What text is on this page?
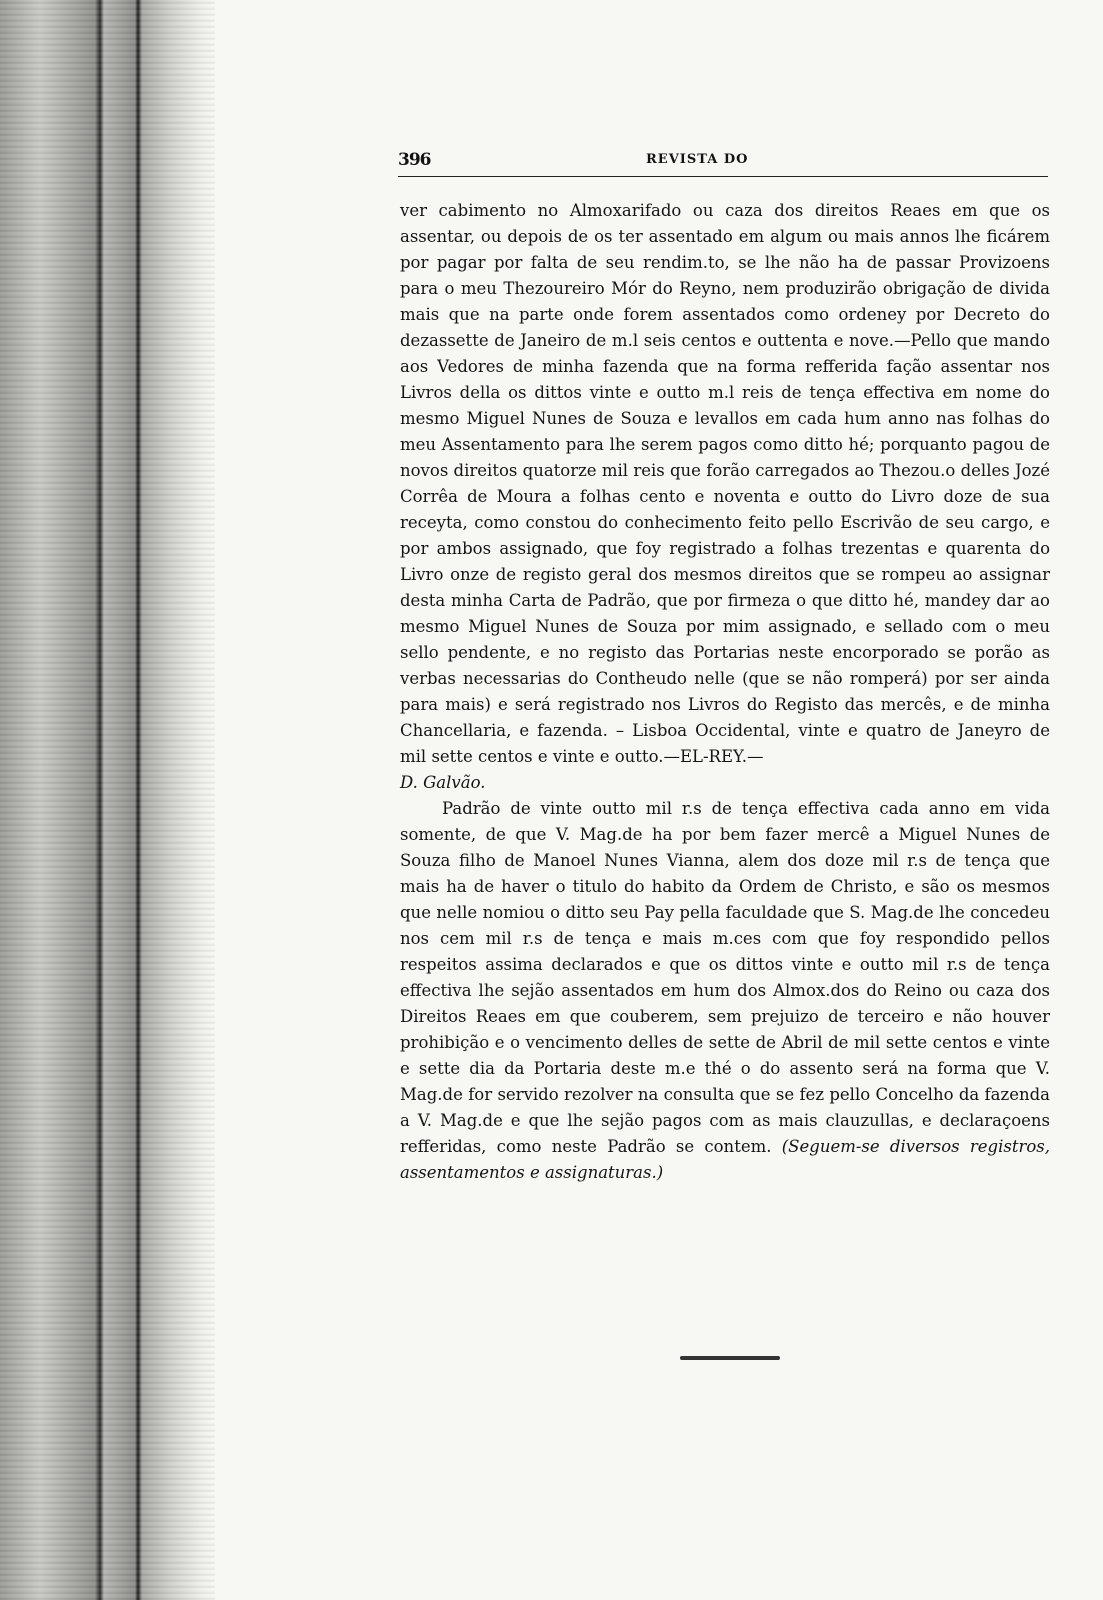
396	REVISTA DO

ver cabimento no Almoxarifado ou caza dos direitos Reaes em que os assentar, ou depois de os ter assentado em algum ou mais annos lhe ficárem por pagar por falta de seu rendim.to, se lhe não ha de passar Provizoens para o meu Thezoureiro Mór do Reyno, nem produzirão obrigação de divida mais que na parte onde forem assentados como ordeney por Decreto do dezassette de Janeiro de m.l seis centos e outtenta e nove.—Pello que mando aos Vedores de minha fazenda que na forma refferida fação assentar nos Livros della os dittos vinte e outto m.l reis de tença effectiva em nome do mesmo Miguel Nunes de Souza e levallos em cada hum anno nas folhas do meu Assentamento para lhe serem pagos como ditto hé; porquanto pagou de novos direitos quatorze mil reis que forão carregados ao Thezou.o delles Jozé Corrêa de Moura a folhas cento e noventa e outto do Livro doze de sua receyta, como constou do conhecimento feito pello Escrivão de seu cargo, e por ambos assignado, que foy registrado a folhas trezentas e quarenta do Livro onze de registo geral dos mesmos direitos que se rompeu ao assignar desta minha Carta de Padrão, que por firmeza o que ditto hé, mandey dar ao mesmo Miguel Nunes de Souza por mim assignado, e sellado com o meu sello pendente, e no registo das Portarias neste encorporado se porão as verbas necessarias do Contheudo nelle (que se não romperá) por ser ainda para mais) e será registrado nos Livros do Registo das mercês, e de minha Chancellaria, e fazenda. – Lisboa Occidental, vinte e quatro de Janeyro de mil sette centos e vinte e outto.—EL-REY.—

D. Galvão.

Padrão de vinte outto mil r.s de tença effectiva cada anno em vida somente, de que V. Mag.de ha por bem fazer mercê a Miguel Nunes de Souza filho de Manoel Nunes Vianna, alem dos doze mil r.s de tença que mais ha de haver o titulo do habito da Ordem de Christo, e são os mesmos que nelle nomiou o ditto seu Pay pella faculdade que S. Mag.de lhe concedeu nos cem mil r.s de tença e mais m.ces com que foy respondido pellos respeitos assima declarados e que os dittos vinte e outto mil r.s de tença effectiva lhe sejão assentados em hum dos Almox.dos do Reino ou caza dos Direitos Reaes em que couberem, sem prejuizo de terceiro e não houver prohibição e o vencimento delles de sette de Abril de mil sette centos e vinte e sette dia da Portaria deste m.e thé o do assento será na forma que V. Mag.de for servido rezolver na consulta que se fez pello Concelho da fazenda a V. Mag.de e que lhe sejão pagos com as mais clauzullas, e declaraçoens refferidas, como neste Padrão se contem. (Seguem-se diversos registros, assentamentos e assignaturas.)
